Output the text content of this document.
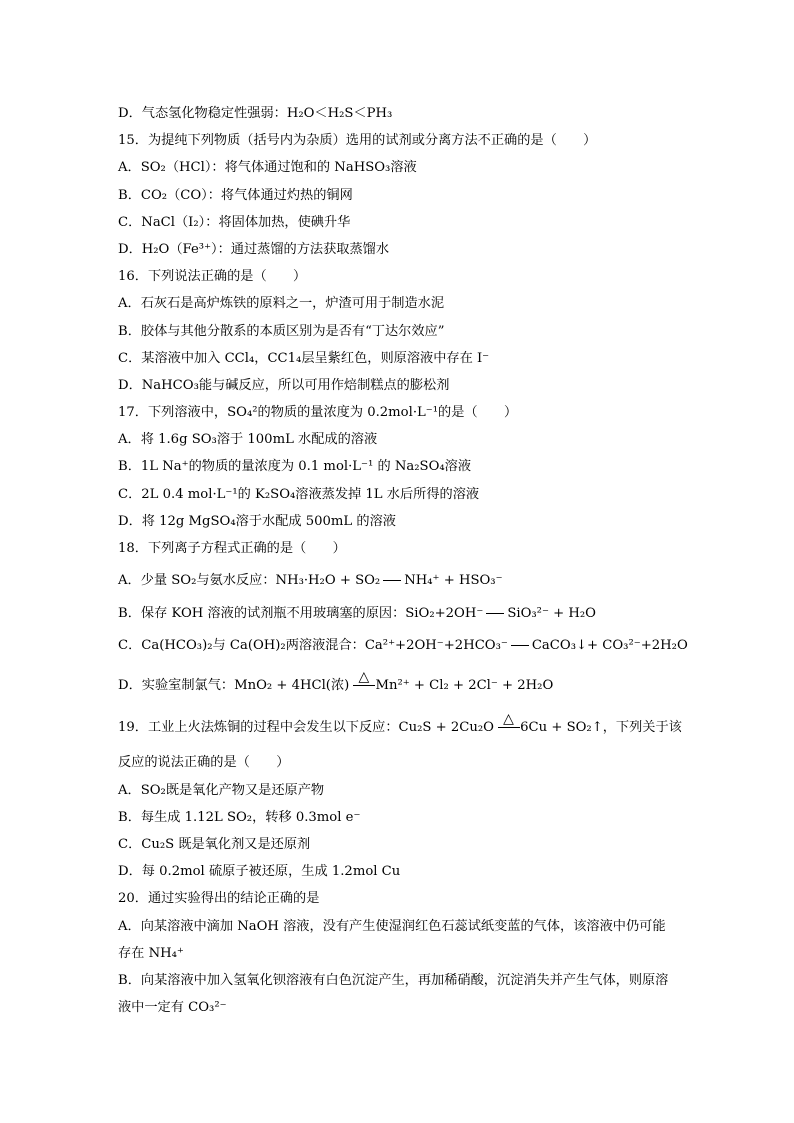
D．气态氢化物稳定性强弱：H₂O＜H₂S＜PH₃
15．为提纯下列物质（括号内为杂质）选用的试剂或分离方法不正确的是（　　）
A．SO₂（HCl）：将气体通过饱和的 NaHSO₃溶液
B．CO₂（CO）：将气体通过灼热的铜网
C．NaCl（I₂）：将固体加热，使碘升华
D．H₂O（Fe³⁺）：通过蒸馏的方法获取蒸馏水
16．下列说法正确的是（　　）
A．石灰石是高炉炼铁的原料之一，炉渣可用于制造水泥
B．胶体与其他分散系的本质区别为是否有“丁达尔效应”
C．某溶液中加入 CCl₄，CC1₄层呈紫红色，则原溶液中存在 I⁻
D．NaHCO₃能与碱反应，所以可用作焙制糕点的膨松剂
17．下列溶液中，SO₄²的物质的量浓度为 0.2mol·L⁻¹的是（　　）
A．将 1.6g SO₃溶于 100mL 水配成的溶液
B．1L Na⁺的物质的量浓度为 0.1 mol·L⁻¹ 的 Na₂SO₄溶液
C．2L 0.4 mol·L⁻¹的 K₂SO₄溶液蒸发掉 1L 水后所得的溶液
D．将 12g MgSO₄溶于水配成 500mL 的溶液
18．下列离子方程式正确的是（　　）
A．少量 SO₂与氨水反应：NH₃·H₂O + SO₂ NH₄⁺ + HSO₃⁻
B．保存 KOH 溶液的试剂瓶不用玻璃塞的原因：SiO₂+2OH⁻ SiO₃²⁻ + H₂O
C．Ca(HCO₃)₂与 Ca(OH)₂两溶液混合：Ca²⁺+2OH⁻+2HCO₃⁻ CaCO₃↓+ CO₃²⁻+2H₂O
D．实验室制氯气：MnO₂ + 4HCl(浓)
△
Mn²⁺ + Cl₂ + 2Cl⁻ + 2H₂O
19．工业上火法炼铜的过程中会发生以下反应：Cu₂S + 2Cu₂O
△
6Cu + SO₂↑，下列关于该
反应的说法正确的是（　　）
A．SO₂既是氧化产物又是还原产物
B．每生成 1.12L SO₂，转移 0.3mol e⁻
C．Cu₂S 既是氧化剂又是还原剂
D．每 0.2mol 硫原子被还原，生成 1.2mol Cu
20．通过实验得出的结论正确的是
A．向某溶液中滴加 NaOH 溶液，没有产生使湿润红色石蕊试纸变蓝的气体，该溶液中仍可能存在 NH₄⁺
B．向某溶液中加入氢氧化钡溶液有白色沉淀产生，再加稀硝酸，沉淀消失并产生气体，则原溶液中一定有 CO₃²⁻
